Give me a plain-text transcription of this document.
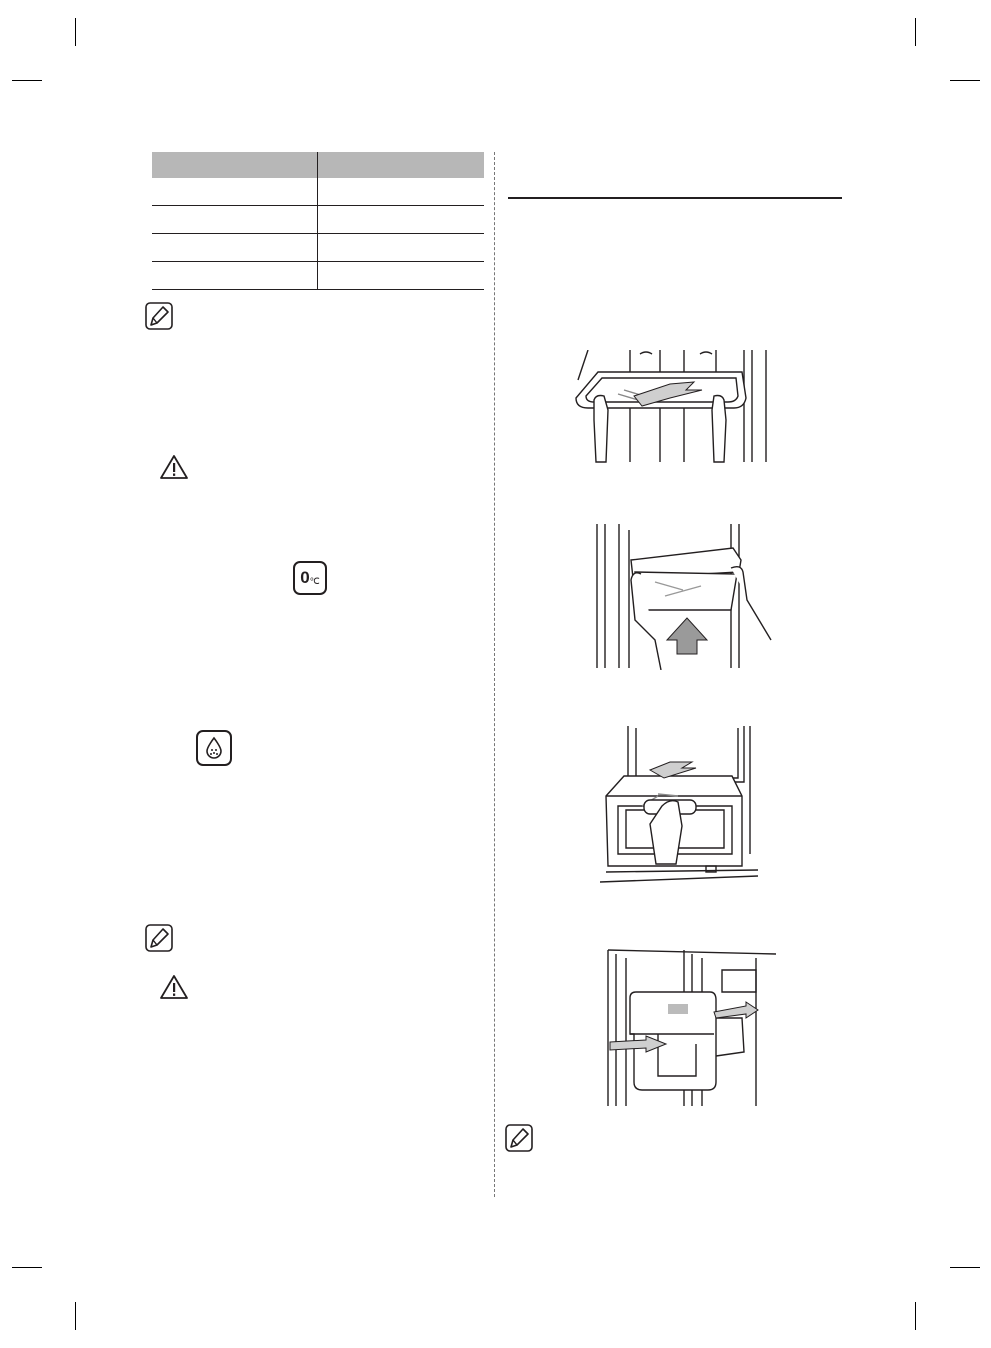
0 ℃
